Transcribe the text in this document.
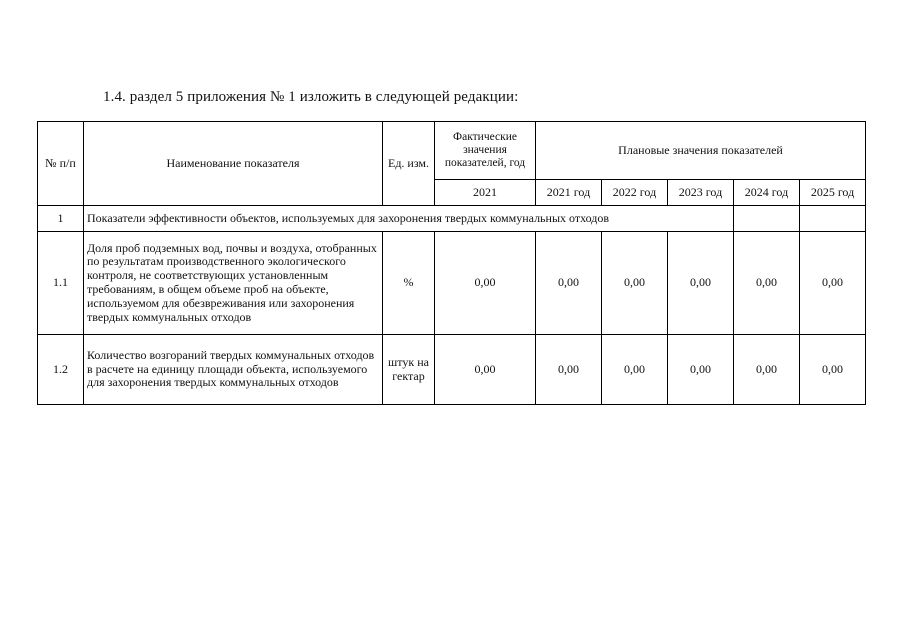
1.4. раздел 5 приложения № 1 изложить в следующей редакции:
№ п/п	Наименование показателя	Ед. изм.	Фактические значения показателей, год	Плановые значения показателей				
			2021	2021 год	2022 год	2023 год	2024 год	2025 год
1	Показатели эффективности объектов, используемых для захоронения твердых коммунальных отходов							
1.1	Доля проб подземных вод, почвы и воздуха, отобранных по результатам производственного экологического контроля, не соответствующих установленным требованиям, в общем объеме проб на объекте, используемом для обезвреживания или захоронения твердых коммунальных отходов	%	0,00	0,00	0,00	0,00	0,00	0,00
1.2	Количество возгораний твердых коммунальных отходов в расчете на единицу площади объекта, используемого для захоронения твердых коммунальных отходов	штук на гектар	0,00	0,00	0,00	0,00	0,00	0,00
